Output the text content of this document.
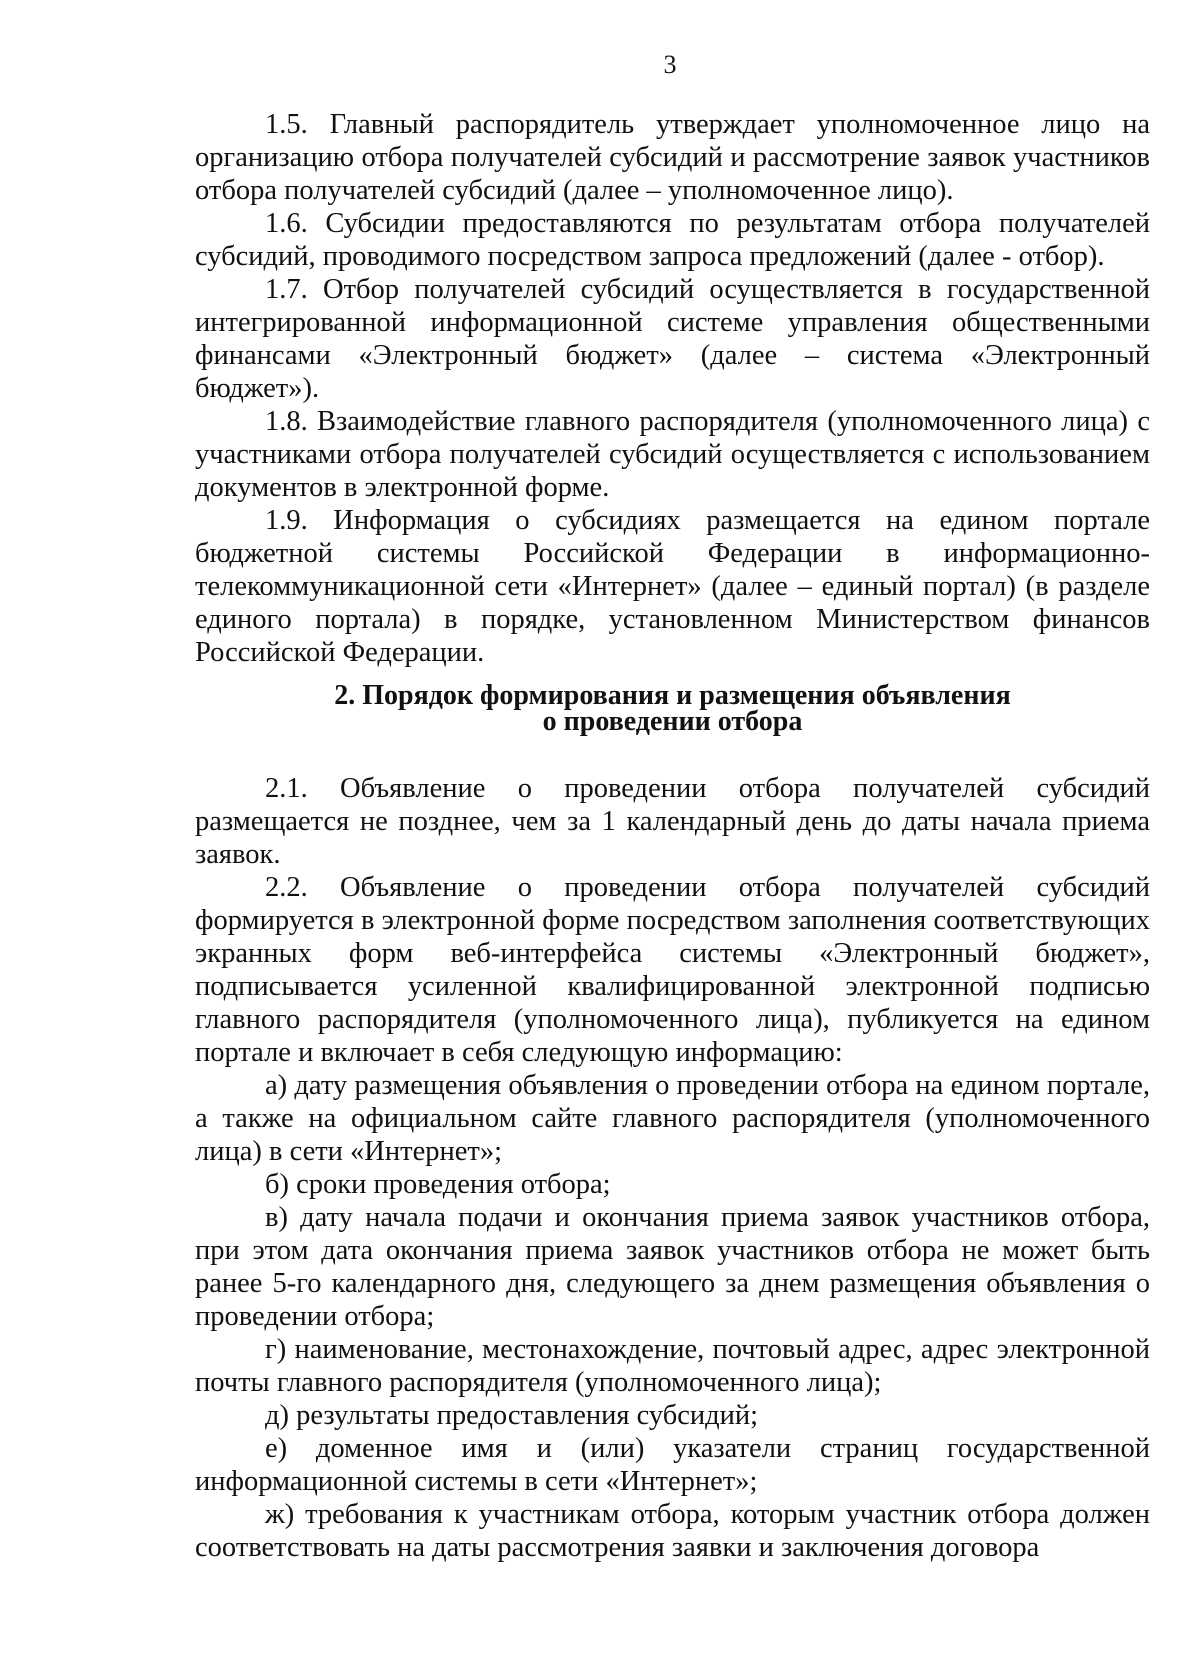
3

1.5. Главный распорядитель утверждает уполномоченное лицо на организацию отбора получателей субсидий и рассмотрение заявок участников отбора получателей субсидий (далее – уполномоченное лицо).

1.6. Субсидии предоставляются по результатам отбора получателей субсидий, проводимого посредством запроса предложений (далее - отбор).

1.7. Отбор получателей субсидий осуществляется в государственной интегрированной информационной системе управления общественными финансами «Электронный бюджет» (далее – система «Электронный бюджет»).

1.8. Взаимодействие главного распорядителя (уполномоченного лица) с участниками отбора получателей субсидий осуществляется с использованием документов в электронной форме.

1.9. Информация о субсидиях размещается на едином портале бюджетной системы Российской Федерации в информационно-телекоммуникационной сети «Интернет» (далее – единый портал) (в разделе единого портала) в порядке, установленном Министерством финансов Российской Федерации.

2. Порядок формирования и размещения объявления
о проведении отбора

2.1. Объявление о проведении отбора получателей субсидий размещается не позднее, чем за 1 календарный день до даты начала приема заявок.

2.2. Объявление о проведении отбора получателей субсидий формируется в электронной форме посредством заполнения соответствующих экранных форм веб-интерфейса системы «Электронный бюджет», подписывается усиленной квалифицированной электронной подписью главного распорядителя (уполномоченного лица), публикуется на едином портале и включает в себя следующую информацию:

а) дату размещения объявления о проведении отбора на едином портале, а также на официальном сайте главного распорядителя (уполномоченного лица) в сети «Интернет»;

б) сроки проведения отбора;

в) дату начала подачи и окончания приема заявок участников отбора, при этом дата окончания приема заявок участников отбора не может быть ранее 5-го календарного дня, следующего за днем размещения объявления о проведении отбора;

г) наименование, местонахождение, почтовый адрес, адрес электронной почты главного распорядителя (уполномоченного лица);

д) результаты предоставления субсидий;

е) доменное имя и (или) указатели страниц государственной информационной системы в сети «Интернет»;

ж) требования к участникам отбора, которым участник отбора должен соответствовать на даты рассмотрения заявки и заключения договора
